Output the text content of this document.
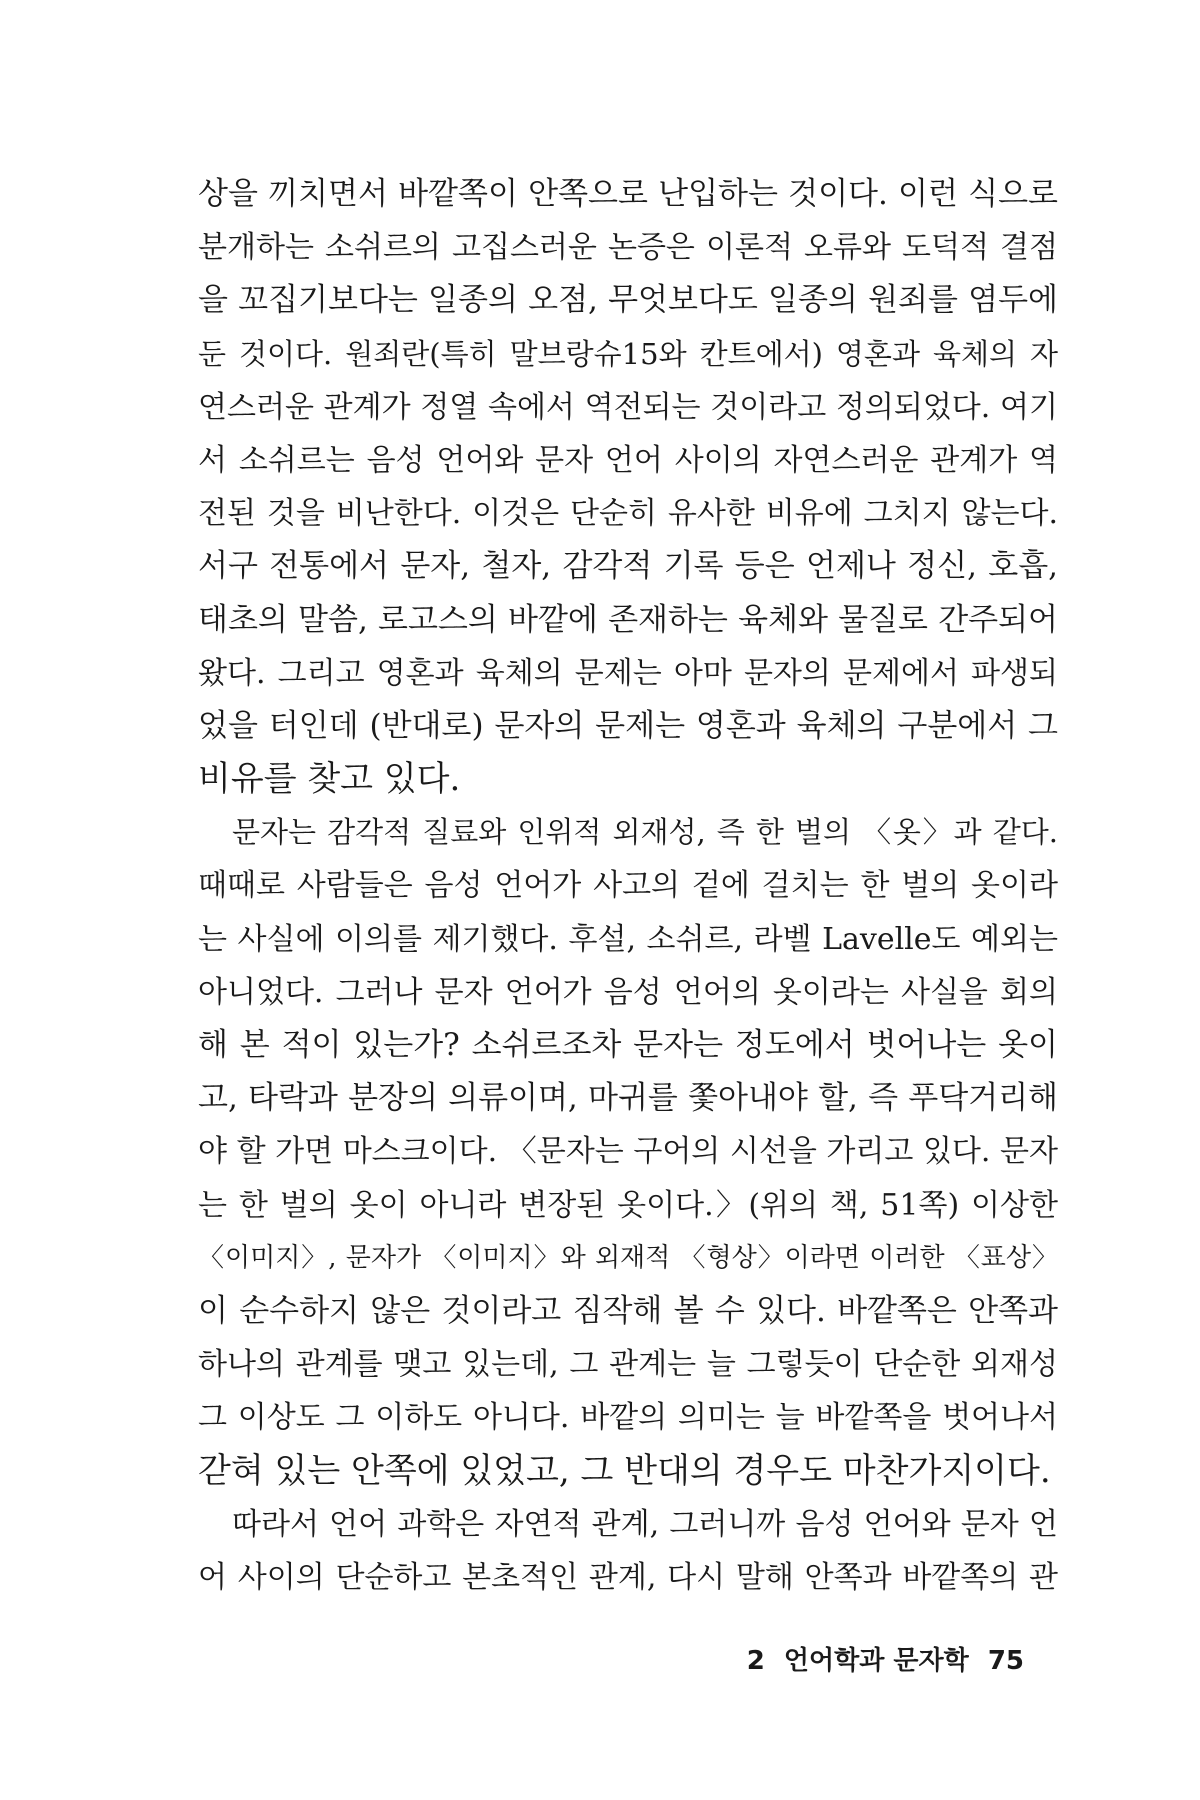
상을 끼치면서 바깥쪽이 안쪽으로 난입하는 것이다. 이런 식으로
분개하는 소쉬르의 고집스러운 논증은 이론적 오류와 도덕적 결점
을 꼬집기보다는 일종의 오점, 무엇보다도 일종의 원죄를 염두에
둔 것이다. 원죄란(특히 말브랑슈15와 칸트에서) 영혼과 육체의 자
연스러운 관계가 정열 속에서 역전되는 것이라고 정의되었다. 여기
서 소쉬르는 음성 언어와 문자 언어 사이의 자연스러운 관계가 역
전된 것을 비난한다. 이것은 단순히 유사한 비유에 그치지 않는다.
서구 전통에서 문자, 철자, 감각적 기록 등은 언제나 정신, 호흡,
태초의 말씀, 로고스의 바깥에 존재하는 육체와 물질로 간주되어
왔다. 그리고 영혼과 육체의 문제는 아마 문자의 문제에서 파생되
었을 터인데 (반대로) 문자의 문제는 영혼과 육체의 구분에서 그
비유를 찾고 있다.
문자는 감각적 질료와 인위적 외재성, 즉 한 벌의 〈옷〉과 같다.
때때로 사람들은 음성 언어가 사고의 겉에 걸치는 한 벌의 옷이라
는 사실에 이의를 제기했다. 후설, 소쉬르, 라벨 Lavelle도 예외는
아니었다. 그러나 문자 언어가 음성 언어의 옷이라는 사실을 회의
해 본 적이 있는가? 소쉬르조차 문자는 정도에서 벗어나는 옷이
고, 타락과 분장의 의류이며, 마귀를 쫓아내야 할, 즉 푸닥거리해
야 할 가면 마스크이다. 〈문자는 구어의 시선을 가리고 있다. 문자
는 한 벌의 옷이 아니라 변장된 옷이다.〉(위의 책, 51쪽) 이상한
〈이미지〉, 문자가 〈이미지〉와 외재적 〈형상〉이라면 이러한 〈표상〉
이 순수하지 않은 것이라고 짐작해 볼 수 있다. 바깥쪽은 안쪽과
하나의 관계를 맺고 있는데, 그 관계는 늘 그렇듯이 단순한 외재성
그 이상도 그 이하도 아니다. 바깥의 의미는 늘 바깥쪽을 벗어나서
갇혀 있는 안쪽에 있었고, 그 반대의 경우도 마찬가지이다.
따라서 언어 과학은 자연적 관계, 그러니까 음성 언어와 문자 언
어 사이의 단순하고 본초적인 관계, 다시 말해 안쪽과 바깥쪽의 관
2 언어학과 문자학 75
